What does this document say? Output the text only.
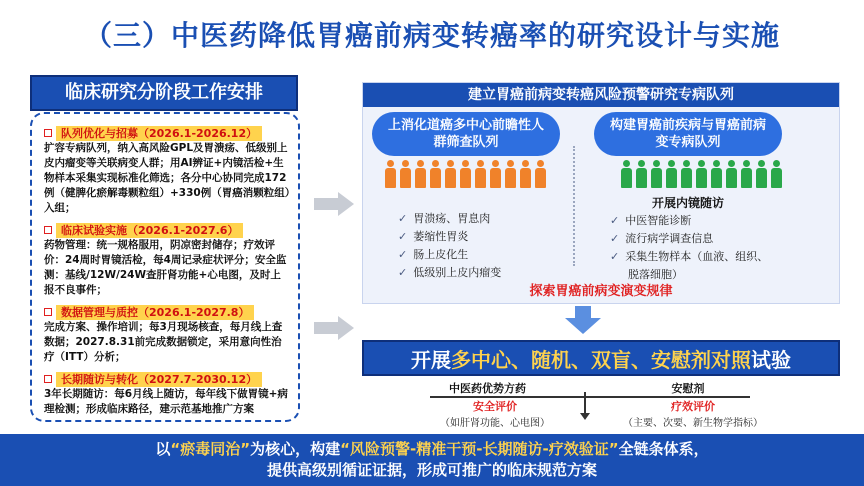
（三）中医药降低胃癌前病变转癌率的研究设计与实施
临床研究分阶段工作安排
队列优化与招募（2026.1-2026.12）
扩容专病队列，纳入高风险GPL及胃溃疡、低级别上皮内瘤变等关联病变人群；用AI辨证+内镜活检+生物样本采集实现标准化筛选；各分中心协同完成172例（健脾化瘀解毒颗粒组）+330例（胃癌消颗粒组）入组；
临床试验实施（2026.1-2027.6）
药物管理：统一规格服用，阴凉密封储存；疗效评价：24周时胃镜活检，每4周记录症状评分；安全监测：基线/12W/24W查肝肾功能+心电图，及时上报不良事件；
数据管理与质控（2026.1-2027.8）
完成方案、操作培训；每3月现场核查，每月线上查数据；2027.8.31前完成数据锁定，采用意向性治疗（ITT）分析；
长期随访与转化（2027.7-2030.12）
3年长期随访：每6月线上随访，每年线下做胃镜+病理检测；形成临床路径，建示范基地推广方案
建立胃癌前病变转癌风险预警研究专病队列
上消化道癌多中心前瞻性人群筛查队列
构建胃癌前疾病与胃癌前病变专病队列
开展内镜随访
✓ 胃溃疡、胃息肉
✓ 萎缩性胃炎
✓ 肠上皮化生
✓ 低级别上皮内瘤变
✓ 中医智能诊断
✓ 流行病学调查信息
✓ 采集生物样本（血液、组织、
脱落细胞）
探索胃癌前病变演变规律
开展 多中心、随机、双盲、安慰剂对照 试验
中医药优势方药	安慰剂
安全评价
（如肝肾功能、心电图）
疗效评价
（主要、次要、新生物学指标）
以“瘀毒同治”为核心，构建“风险预警-精准干预-长期随访-疗效验证”全链条体系，
提供高级别循证证据，形成可推广的临床规范方案
